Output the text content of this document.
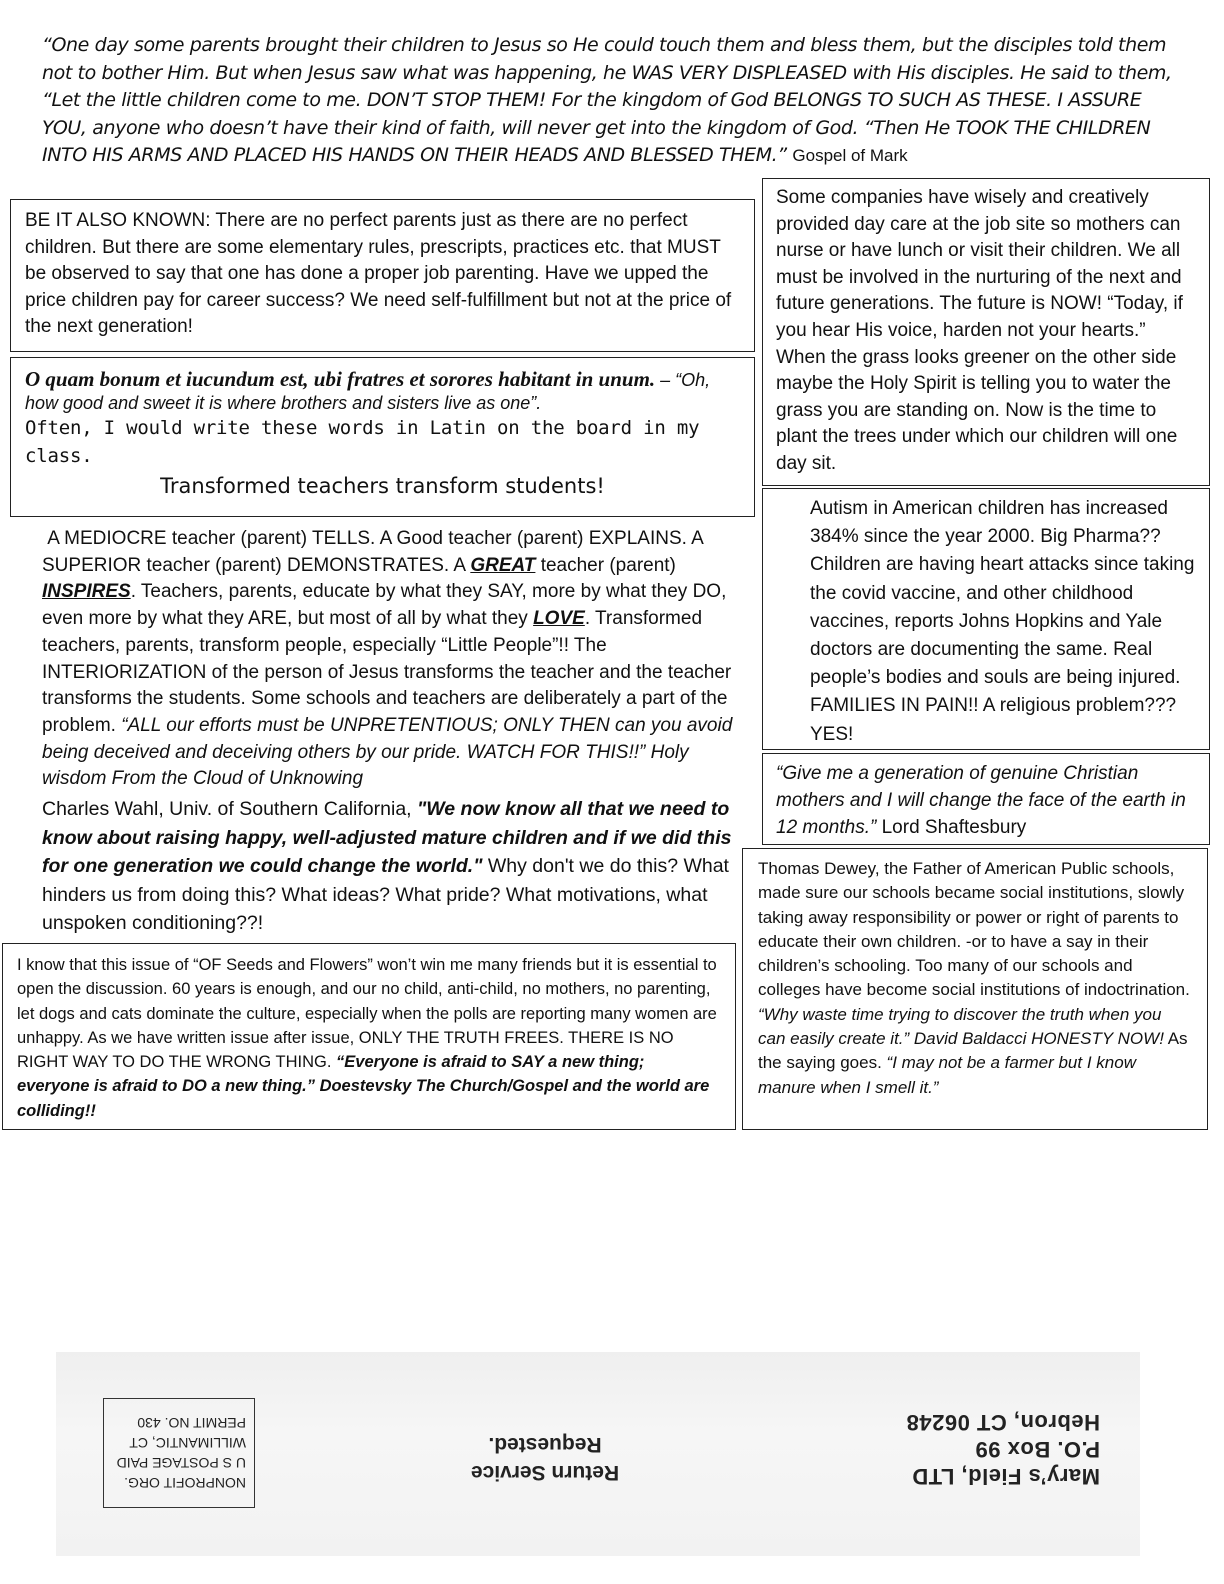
“One day some parents brought their children to Jesus so He could touch them and bless them, but the disciples told them not to bother Him. But when Jesus saw what was happening, he WAS VERY DISPLEASED with His disciples. He said to them, “Let the little children come to me. DON’T STOP THEM! For the kingdom of God BELONGS TO SUCH AS THESE. I ASSURE YOU, anyone who doesn’t have their kind of faith, will never get into the kingdom of God. “Then He TOOK THE CHILDREN INTO HIS ARMS AND PLACED HIS HANDS ON THEIR HEADS AND BLESSED THEM.” Gospel of Mark
BE IT ALSO KNOWN: There are no perfect parents just as there are no perfect children. But there are some elementary rules, prescripts, practices etc. that MUST be observed to say that one has done a proper job parenting. Have we upped the price children pay for career success? We need self-fulfillment but not at the price of the next generation!
O quam bonum et iucundum est, ubi fratres et sorores habitant in unum. – “Oh, how good and sweet it is where brothers and sisters live as one”.
Often, I would write these words in Latin on the board in my class.
Transformed teachers transform students!
A MEDIOCRE teacher (parent) TELLS. A Good teacher (parent) EXPLAINS. A SUPERIOR teacher (parent) DEMONSTRATES. A GREAT teacher (parent) INSPIRES. Teachers, parents, educate by what they SAY, more by what they DO, even more by what they ARE, but most of all by what they LOVE. Transformed teachers, parents, transform people, especially “Little People”!! The INTERIORIZATION of the person of Jesus transforms the teacher and the teacher transforms the students. Some schools and teachers are deliberately a part of the problem. “ALL our efforts must be UNPRETENTIOUS; ONLY THEN can you avoid being deceived and deceiving others by our pride. WATCH FOR THIS!!” Holy wisdom From the Cloud of Unknowing
Charles Wahl, Univ. of Southern California, "We now know all that we need to know about raising happy, well-adjusted mature children and if we did this for one generation we could change the world." Why don't we do this? What hinders us from doing this? What ideas? What pride? What motivations, what unspoken conditioning??!
I know that this issue of “OF Seeds and Flowers” won’t win me many friends but it is essential to open the discussion. 60 years is enough, and our no child, anti-child, no mothers, no parenting, let dogs and cats dominate the culture, especially when the polls are reporting many women are unhappy. As we have written issue after issue, ONLY THE TRUTH FREES. THERE IS NO RIGHT WAY TO DO THE WRONG THING. “Everyone is afraid to SAY a new thing; everyone is afraid to DO a new thing.” Doestevsky The Church/Gospel and the world are colliding!!
Some companies have wisely and creatively provided day care at the job site so mothers can nurse or have lunch or visit their children. We all must be involved in the nurturing of the next and future generations. The future is NOW! “Today, if you hear His voice, harden not your hearts.” When the grass looks greener on the other side maybe the Holy Spirit is telling you to water the grass you are standing on. Now is the time to plant the trees under which our children will one day sit.
Autism in American children has increased 384% since the year 2000. Big Pharma?? Children are having heart attacks since taking the covid vaccine, and other childhood vaccines, reports Johns Hopkins and Yale doctors are documenting the same. Real people’s bodies and souls are being injured. FAMILIES IN PAIN!! A religious problem??? YES!
“Give me a generation of genuine Christian mothers and I will change the face of the earth in 12 months.” Lord Shaftesbury
Thomas Dewey, the Father of American Public schools, made sure our schools became social institutions, slowly taking away responsibility or power or right of parents to educate their own children. -or to have a say in their children’s schooling. Too many of our schools and colleges have become social institutions of indoctrination. “Why waste time trying to discover the truth when you can easily create it.” David Baldacci HONESTY NOW! As the saying goes. “I may not be a farmer but I know manure when I smell it.”
NONPROFIT ORG.
U S POSTAGE PAID
WILLIMANTIC, CT
PERMIT NO. 430
Return Service
Requested.
Mary’s Field, LTD
P.O. Box 99
Hebron, CT 06248
